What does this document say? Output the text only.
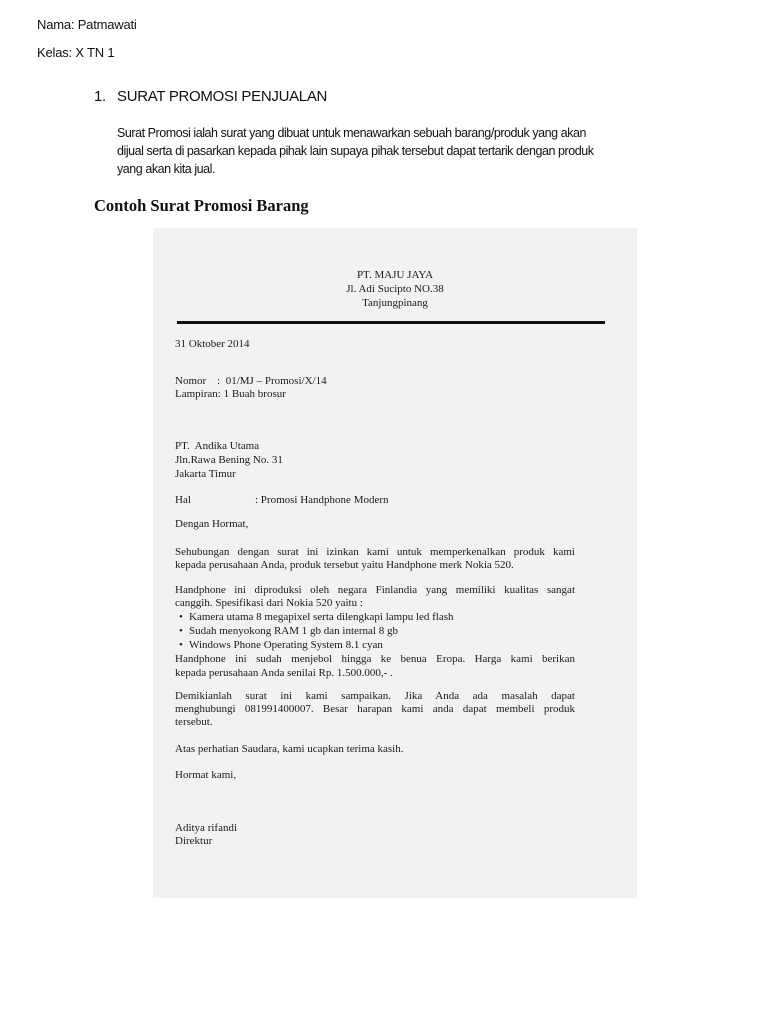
Nama: Patmawati
Kelas: X TN 1
1. SURAT PROMOSI PENJUALAN
Surat Promosi ialah surat yang dibuat untuk menawarkan sebuah barang/produk yang akan
dijual serta di pasarkan kepada pihak lain supaya pihak tersebut dapat tertarik dengan produk
yang akan kita jual.
Contoh Surat Promosi Barang
PT. MAJU JAYA
Jl. Adi Sucipto NO.38
Tanjungpinang
31 Oktober 2014
Nomor    :  01/MJ – Promosi/X/14
Lampiran: 1 Buah brosur
PT.  Andika Utama
Jln.Rawa Bening No. 31
Jakarta Timur
Hal	: Promosi Handphone Modern
Dengan Hormat,
Sehubungan dengan surat ini izinkan kami untuk memperkenalkan produk kami
kepada perusahaan Anda, produk tersebut yaitu Handphone merk Nokia 520.
Handphone ini diproduksi oleh negara Finlandia yang memiliki kualitas sangat
canggih. Spesifikasi dari Nokia 520 yaitu :
• Kamera utama 8 megapixel serta dilengkapi lampu led flash
• Sudah menyokong RAM 1 gb dan internal 8 gb
• Windows Phone Operating System 8.1 cyan
Handphone ini sudah menjebol hingga ke benua Eropa. Harga kami berikan
kepada perusahaan Anda senilai Rp. 1.500.000,- .
Demikianlah surat ini kami sampaikan. Jika Anda ada masalah dapat
menghubungi 081991400007. Besar harapan kami anda dapat membeli produk
tersebut.
Atas perhatian Saudara, kami ucapkan terima kasih.
Hormat kami,
Aditya rifandi
Direktur
